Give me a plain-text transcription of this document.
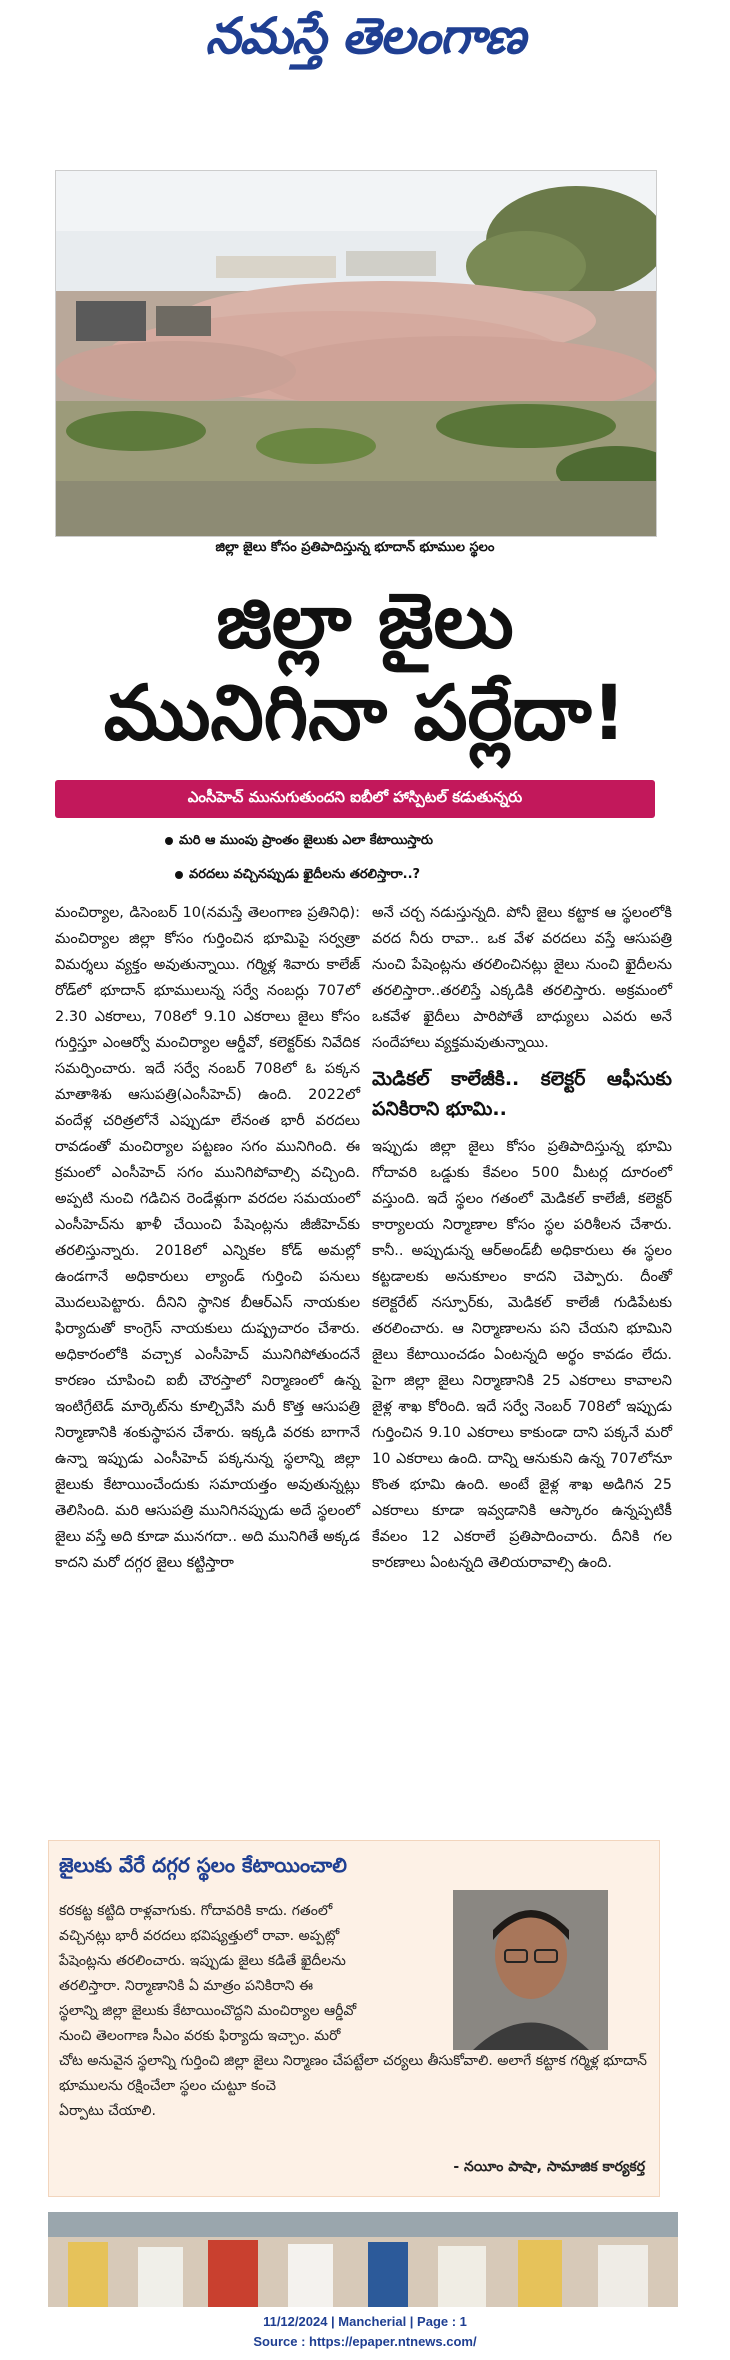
నమస్తే తెలంగాణ
జిల్లా జైలు కోసం ప్రతిపాదిస్తున్న భూదాన్ భూముల స్థలం
జిల్లా జైలు
మునిగినా పర్లేదా!
ఎంసీహెచ్ మునుగుతుందని ఐబీలో హాస్పిటల్ కడుతున్నరు
మరి ఆ ముంపు ప్రాంతం జైలుకు ఎలా కేటాయిస్తారు
వరదలు వచ్చినప్పుడు ఖైదీలను తరలిస్తారా..?

మంచిర్యాల, డిసెంబర్ 10(నమస్తే తెలంగాణ ప్రతినిధి): మంచిర్యాల జిల్లా కోసం గుర్తించిన భూమిపై సర్వత్రా విమర్శలు వ్యక్తం అవుతున్నాయి. గర్మిళ్ల శివారు కాలేజ్ రోడ్‌లో భూదాన్ భూములున్న సర్వే నంబర్లు 707లో 2.30 ఎకరాలు, 708లో 9.10 ఎకరాలు జైలు కోసం గుర్తిస్తూ ఎంఆర్వో మంచిర్యాల ఆర్డీవో, కలెక్టర్‌కు నివేదిక సమర్పించారు. ఇదే సర్వే నంబర్ 708లో ఓ పక్కన మాతాశిశు ఆసుపత్రి(ఎంసీహెచ్) ఉంది. 2022లో వందేళ్ల చరిత్రలోనే ఎప్పుడూ లేనంత భారీ వరదలు రావడంతో మంచిర్యాల పట్టణం సగం మునిగింది. ఈ క్రమంలో ఎంసీహెచ్ సగం మునిగిపోవాల్సి వచ్చింది. అప్పటి నుంచి గడిచిన రెండేళ్లుగా వరదల సమయంలో ఎంసీహెచ్‌ను ఖాళీ చేయించి పేషెంట్లను జీజీహెచ్‌కు తరలిస్తున్నారు. 2018లో ఎన్నికల కోడ్ అమల్లో ఉండగానే అధికారులు ల్యాండ్ గుర్తించి పనులు మొదలుపెట్టారు. దీనిని స్థానిక బీఆర్ఎస్ నాయకుల ఫిర్యాదుతో కాంగ్రెస్ నాయకులు దుష్ప్రచారం చేశారు. అధికారంలోకి వచ్చాక ఎంసీహెచ్ మునిగిపోతుందనే కారణం చూపించి ఐబీ చౌరస్తాలో నిర్మాణంలో ఉన్న ఇంటిగ్రేటెడ్ మార్కెట్‌ను కూల్చివేసి మరీ కొత్త ఆసుపత్రి నిర్మాణానికి శంకుస్థాపన చేశారు. ఇక్కడి వరకు బాగానే ఉన్నా ఇప్పుడు ఎంసీహెచ్ పక్కనున్న స్థలాన్ని జిల్లా జైలుకు కేటాయించేందుకు సమాయత్తం అవుతున్నట్లు తెలిసింది. మరి ఆసుపత్రి మునిగినప్పుడు అదే స్థలంలో జైలు వస్తే అది కూడా మునగదా.. అది మునిగితే అక్కడ కాదని మరో దగ్గర జైలు కట్టిస్తారా

అనే చర్చ నడుస్తున్నది. పోనీ జైలు కట్టాక ఆ స్థలంలోకి వరద నీరు రావా.. ఒక వేళ వరదలు వస్తే ఆసుపత్రి నుంచి పేషెంట్లను తరలించినట్లు జైలు నుంచి ఖైదీలను తరలిస్తారా..తరలిస్తే ఎక్కడికి తరలిస్తారు. అక్రమంలో ఒకవేళ ఖైదీలు పారిపోతే బాధ్యులు ఎవరు అనే సందేహాలు వ్యక్తమవుతున్నాయి.

మెడికల్ కాలేజీకి.. కలెక్టర్ ఆఫీసుకు పనికిరాని భూమి..

ఇప్పుడు జిల్లా జైలు కోసం ప్రతిపాదిస్తున్న భూమి గోదావరి ఒడ్డుకు కేవలం 500 మీటర్ల దూరంలో వస్తుంది. ఇదే స్థలం గతంలో మెడికల్ కాలేజీ, కలెక్టర్ కార్యాలయ నిర్మాణాల కోసం స్థల పరిశీలన చేశారు. కానీ.. అప్పుడున్న ఆర్అండ్‌బీ అధికారులు ఈ స్థలం కట్టడాలకు అనుకూలం కాదని చెప్పారు. దీంతో కలెక్టరేట్ నస్పూర్‌కు, మెడికల్ కాలేజీ గుడిపేటకు తరలించారు. ఆ నిర్మాణాలను పని చేయని భూమిని జైలు కేటాయించడం ఏంటన్నది అర్థం కావడం లేదు. పైగా జిల్లా జైలు నిర్మాణానికి 25 ఎకరాలు కావాలని జైళ్ల శాఖ కోరింది. ఇదే సర్వే నెంబర్ 708లో ఇప్పుడు గుర్తించిన 9.10 ఎకరాలు కాకుండా దాని పక్కనే మరో 10 ఎకరాలు ఉంది. దాన్ని ఆనుకుని ఉన్న 707లోనూ కొంత భూమి ఉంది. అంటే జైళ్ల శాఖ అడిగిన 25 ఎకరాలు కూడా ఇవ్వడానికి ఆస్కారం ఉన్నప్పటికీ కేవలం 12 ఎకరాలే ప్రతిపాదించారు. దీనికి గల కారణాలు ఏంటన్నది తెలియరావాల్సి ఉంది.

జైలుకు వేరే దగ్గర స్థలం కేటాయించాలి
కరకట్ట కట్టిది రాళ్లవాగుకు. గోదావరికి కాదు. గతంలో
వచ్చినట్లు భారీ వరదలు భవిష్యత్తులో రావా. అప్పట్లో
పేషెంట్లను తరలించారు. ఇప్పుడు జైలు కడితే ఖైదీలను
తరలిస్తారా. నిర్మాణానికి ఏ మాత్రం పనికిరాని ఈ
స్థలాన్ని జిల్లా జైలుకు కేటాయించొద్దని మంచిర్యాల ఆర్డీవో
నుంచి తెలంగాణ సీఎం వరకు ఫిర్యాదు ఇచ్చాం. మరో
చోట అనువైన స్థలాన్ని గుర్తించి జిల్లా జైలు నిర్మాణం చేపట్టేలా చర్యలు తీసుకోవాలి. అలాగే కట్టాక గర్మిళ్ల భూదాన్ భూములను రక్షించేలా స్థలం చుట్టూ కంచె
ఏర్పాటు చేయాలి.
- నయీం పాషా, సామాజిక కార్యకర్త
11/12/2024 | Mancherial | Page : 1
Source : https://epaper.ntnews.com/
